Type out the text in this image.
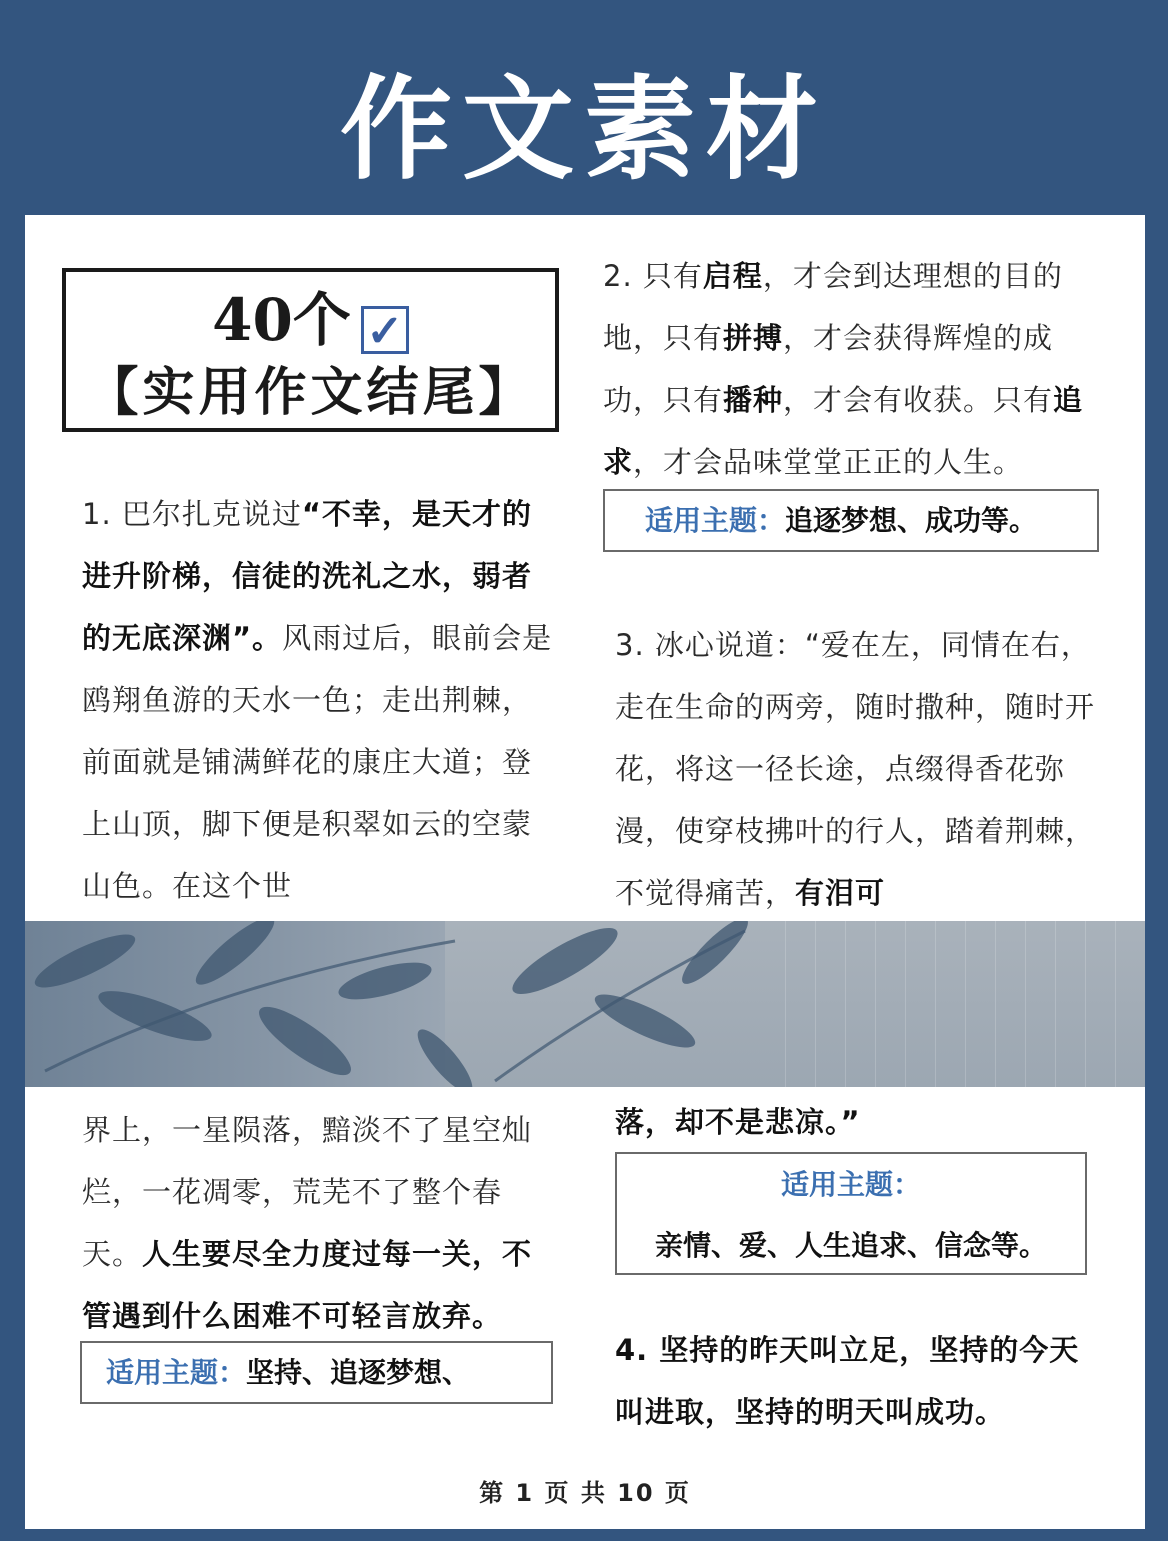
作文素材
40个 ✓
【实用作文结尾】
1. 巴尔扎克说过“不幸，是天才的进升阶梯，信徒的洗礼之水，弱者的无底深渊”。风雨过后，眼前会是鸥翔鱼游的天水一色；走出荆棘，前面就是铺满鲜花的康庄大道；登上山顶，脚下便是积翠如云的空蒙山色。在这个世
2. 只有启程，才会到达理想的目的地，只有拼搏，才会获得辉煌的成功，只有播种，才会有收获。只有追求，才会品味堂堂正正的人生。
适用主题：追逐梦想、成功等。
3. 冰心说道：“爱在左，同情在右，走在生命的两旁，随时撒种，随时开花，将这一径长途，点缀得香花弥漫，使穿枝拂叶的行人，踏着荆棘，不觉得痛苦，有泪可
界上，一星陨落，黯淡不了星空灿烂，一花凋零，荒芜不了整个春天。人生要尽全力度过每一关，不管遇到什么困难不可轻言放弃。
适用主题：坚持、追逐梦想、
落，却不是悲凉。”
适用主题：
亲情、爱、人生追求、信念等。
4. 坚持的昨天叫立足，坚持的今天叫进取，坚持的明天叫成功。
第 1 页 共 10 页
